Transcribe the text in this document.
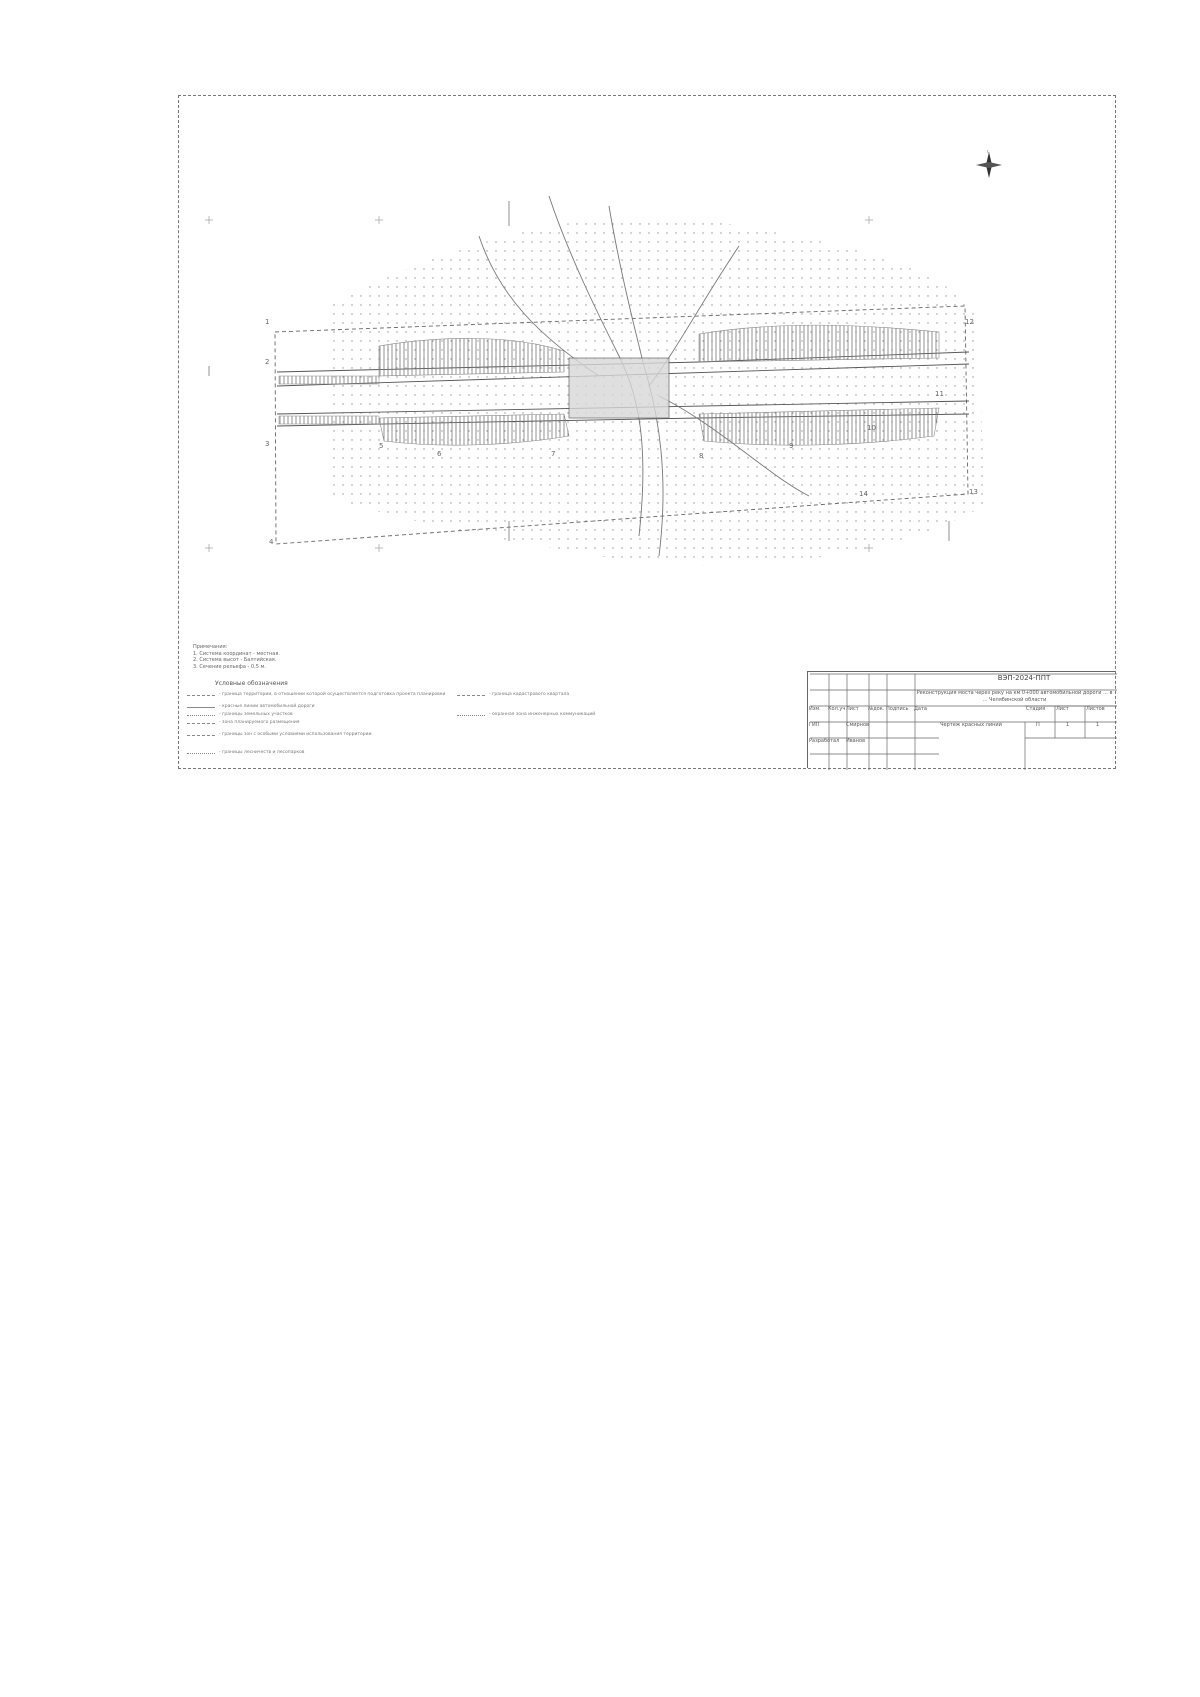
1
2
3
4
5
6	7	8
9
10
11
12
13
14
С
Примечания:
1. Система координат - местная.
2. Система высот - Балтийская.
3. Сечение рельефа - 0,5 м.
Условные обозначения
- граница территории, в отношении которой осуществляется подготовка проекта планировки
- красные линии автомобильной дороги
- границы земельных участков
- зона планируемого размещения
- границы зон с особыми условиями использования территории
- границы лесничеств и лесопарков
- граница кадастрового квартала
- охранная зона инженерных коммуникаций
ВЭП-2024-ППТ
Реконструкция моста через реку на км 0+000 автомобильной дороги ... в ... Челябинской области
Изм. Кол.уч Лист №док. Подпись Дата
ГИП	Смирнов
Разработал Иванов
Чертеж красных линий
Стадия Лист	Листов
П	1	1
